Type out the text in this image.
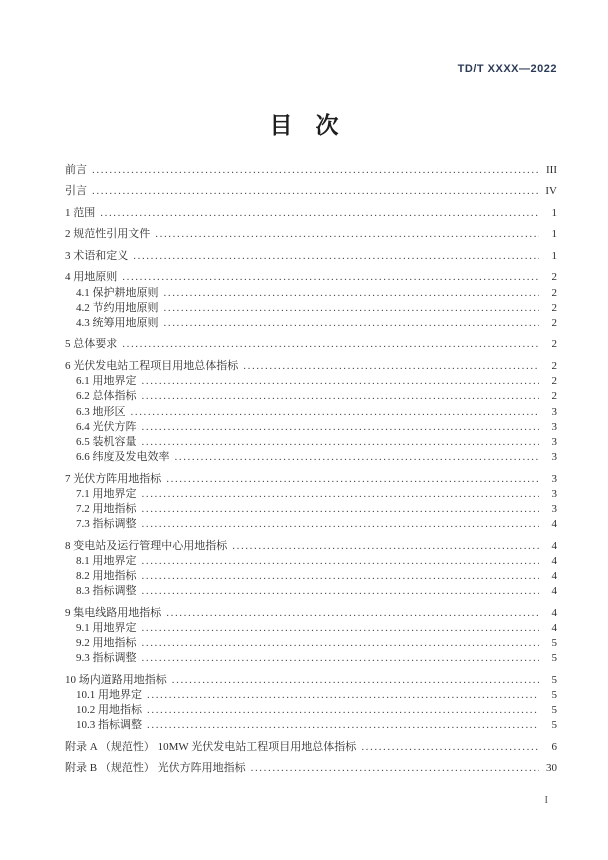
TD/T XXXX—2022
目　次
前言 .....	III
引言 .....	IV
1 范围 .....	1
2 规范性引用文件 .....	1
3 术语和定义 .....	1
4 用地原则 .....	2
4.1 保护耕地原则 .....	2
4.2 节约用地原则 .....	2
4.3 统筹用地原则 .....	2
5 总体要求 .....	2
6 光伏发电站工程项目用地总体指标 .....	2
6.1 用地界定 .....	2
6.2 总体指标 .....	2
6.3 地形区 .....	3
6.4 光伏方阵 .....	3
6.5 装机容量 .....	3
6.6 纬度及发电效率 .....	3
7 光伏方阵用地指标 .....	3
7.1 用地界定 .....	3
7.2 用地指标 .....	3
7.3 指标调整 .....	4
8 变电站及运行管理中心用地指标 .....	4
8.1 用地界定 .....	4
8.2 用地指标 .....	4
8.3 指标调整 .....	4
9 集电线路用地指标 .....	4
9.1 用地界定 .....	4
9.2 用地指标 .....	5
9.3 指标调整 .....	5
10 场内道路用地指标 .....	5
10.1 用地界定 .....	5
10.2 用地指标 .....	5
10.3 指标调整 .....	5
附录 A （规范性） 10MW 光伏发电站工程项目用地总体指标 .....	6
附录 B （规范性） 光伏方阵用地指标 .....	30
I
